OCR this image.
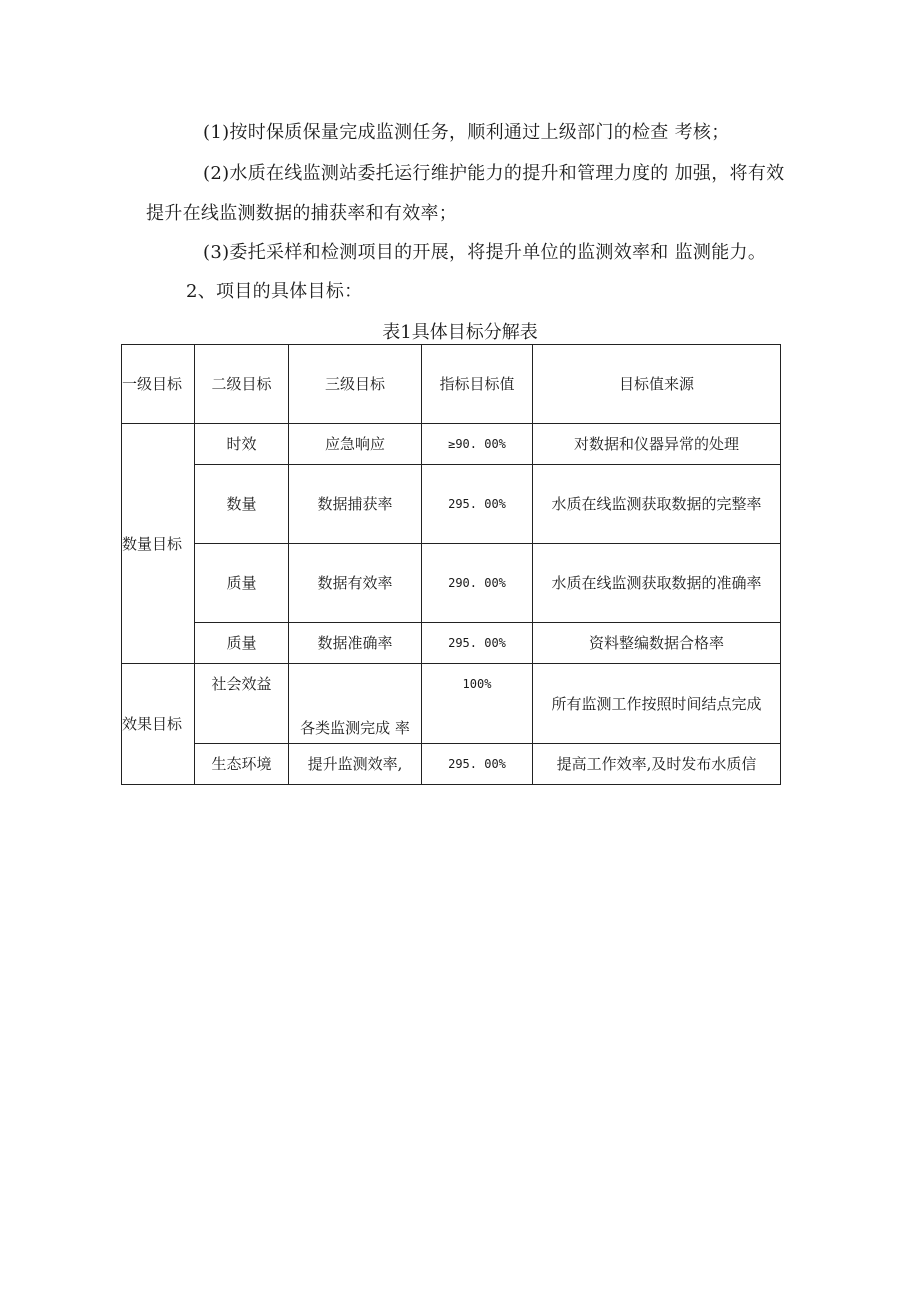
(1)按时保质保量完成监测任务，顺利通过上级部门的检查 考核；
(2)水质在线监测站委托运行维护能力的提升和管理力度的 加强，将有效
提升在线监测数据的捕获率和有效率；
(3)委托采样和检测项目的开展，将提升单位的监测效率和 监测能力。
2、项目的具体目标：
表1具体目标分解表
一级目标	二级目标	三级目标	指标目标值	目标值来源
数量目标	时效	应急响应	≥90. 00%	对数据和仪器异常的处理
	数量	数据捕获率	295. 00%	水质在线监测获取数据的完整率
	质量	数据有效率	290. 00%	水质在线监测获取数据的准确率
	质量	数据准确率	295. 00%	资料整编数据合格率
效果目标	社会效益	各类监测完成 率	100%	所有监测工作按照时间结点完成
	生态环境	提升监测效率,	295. 00%	提高工作效率,及时发布水质信
